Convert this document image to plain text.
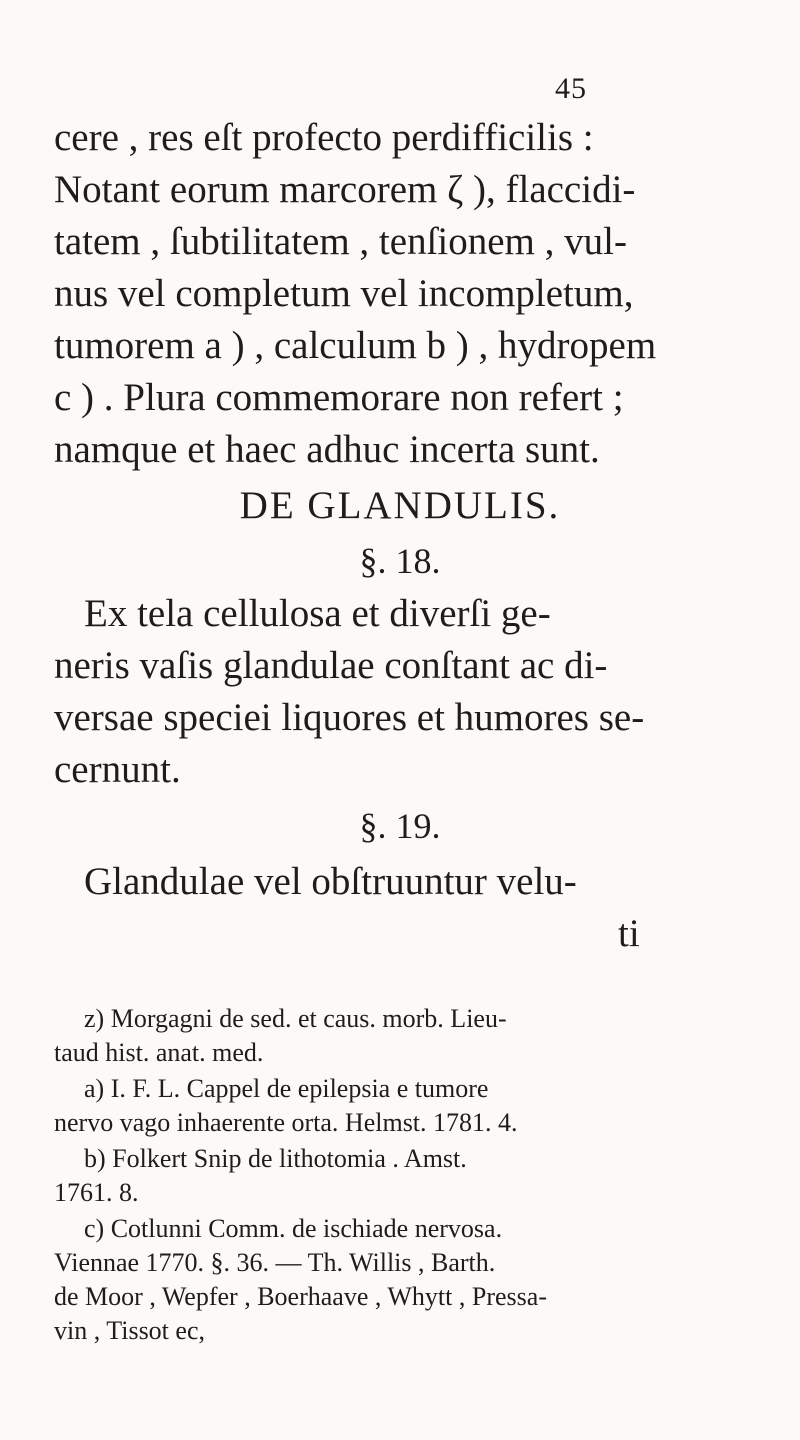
45
cere , res eſt profecto perdifficilis :
Notant eorum marcorem ζ ), flaccidi-
tatem , ſubtilitatem , tenſionem , vul-
nus vel completum vel incompletum,
tumorem a ) , calculum b ) , hydropem
c ) . Plura commemorare non refert ;
namque et haec adhuc incerta sunt.
DE GLANDULIS.
§. 18.
Ex tela cellulosa et diverſi ge-
neris vaſis glandulae conſtant ac di-
versae speciei liquores et humores se-
cernunt.
§. 19.
Glandulae vel obſtruuntur velu-
ti
z) Morgagni de sed. et caus. morb. Lieu-
taud hist. anat. med.
a) I. F. L. Cappel de epilepsia e tumore
nervo vago inhaerente orta. Helmst. 1781. 4.
b) Folkert Snip de lithotomia . Amst.
1761. 8.
c) Cotlunni Comm. de ischiade nervosa.
Viennae 1770. §. 36. — Th. Willis , Barth.
de Moor , Wepfer , Boerhaave , Whytt , Pressa-
vin , Tissot ec,
